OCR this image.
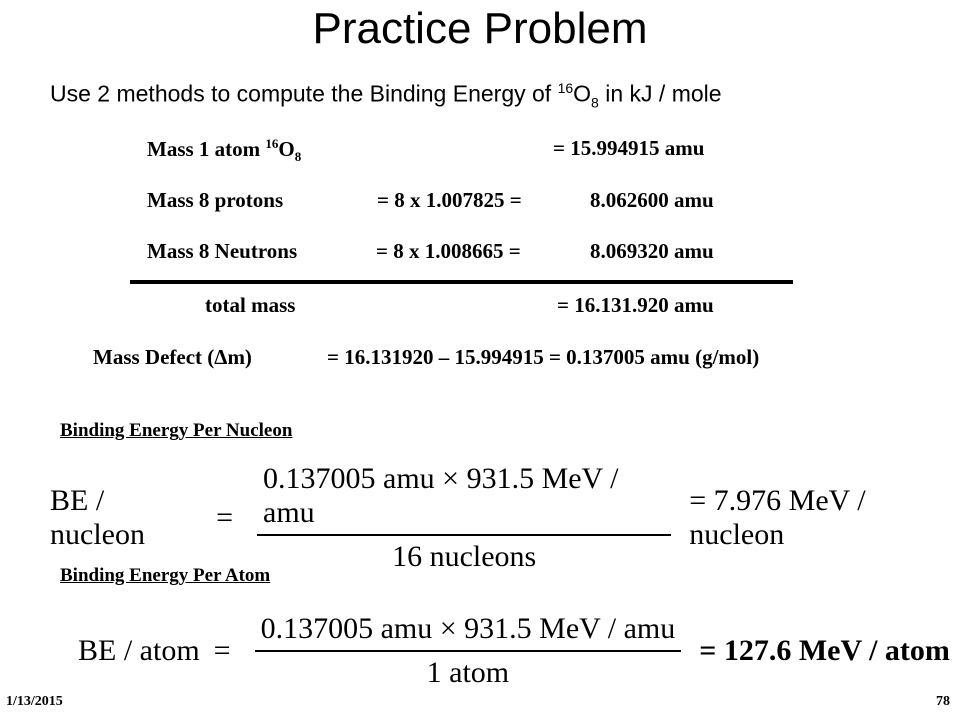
Practice Problem
Use 2 methods to compute the Binding Energy of $^{16}O_8$ in kJ / mole
Mass 1 atom $^{16}O_8$	= 15.994915 amu
Mass 8 protons	= 8 x 1.007825 =	8.062600 amu
Mass 8 Neutrons	= 8 x 1.008665 =	8.069320 amu
total mass	= 16.131.920 amu
Mass Defect (Δm)	= 16.131920 – 15.994915 = 0.137005 amu (g/mol)
Binding Energy Per Nucleon
BE / nucleon
= $\frac{\text{0.137005 amu × 931.5 MeV / amu}}{\text{16 nucleons}} = 7.976$ MeV / nucleon
Binding Energy Per Atom
BE / atom = $\frac{\text{0.137005 amu × 931.5 MeV / amu}}{\text{1 atom}} = 127.6$ MeV / atom
1/13/2015	78
